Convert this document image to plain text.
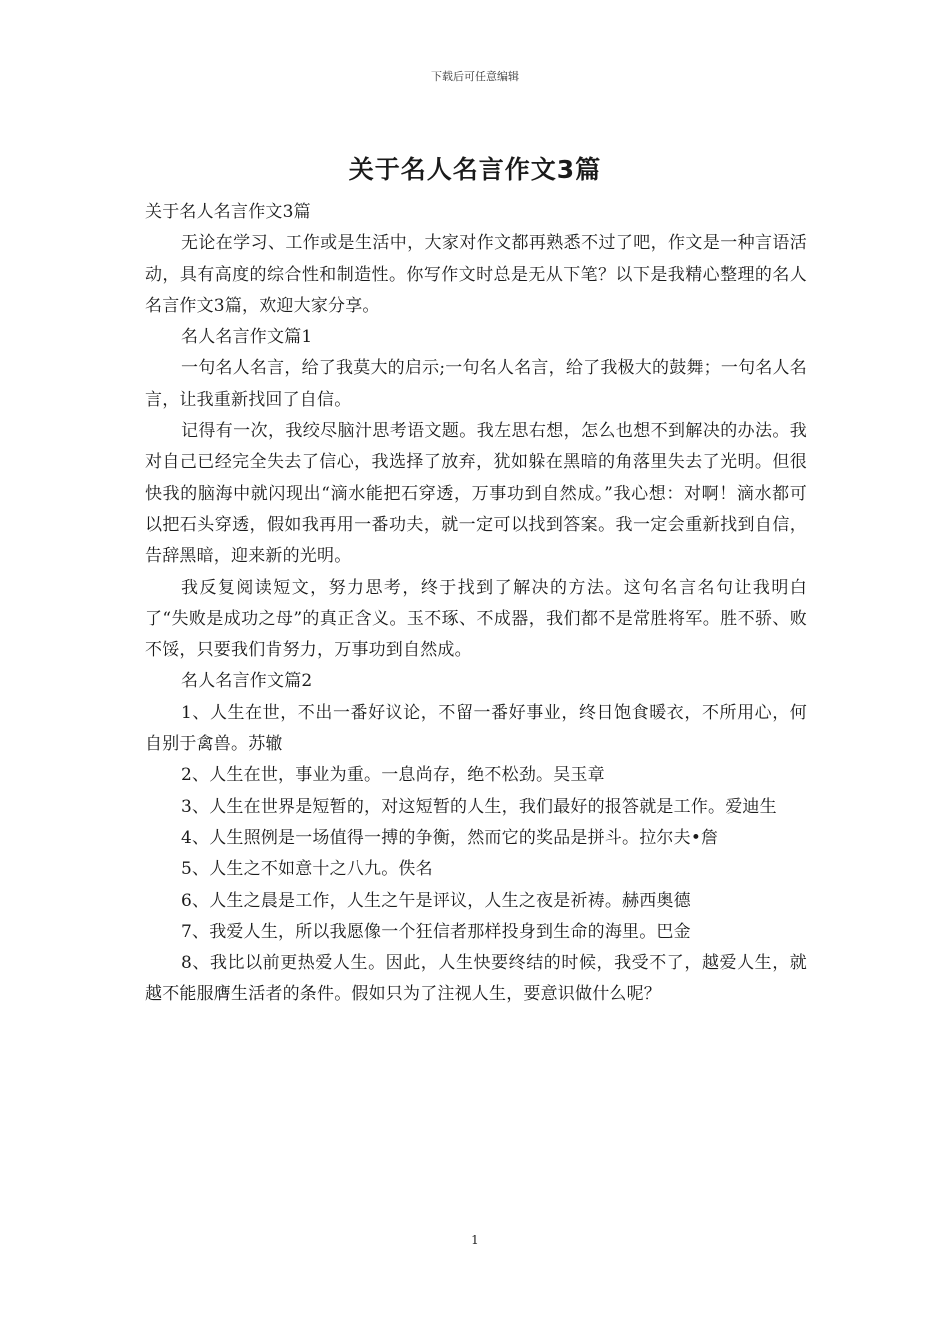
下载后可任意编辑
关于名人名言作文3篇

关于名人名言作文3篇

无论在学习、工作或是生活中，大家对作文都再熟悉不过了吧，作文是一种言语活动，具有高度的综合性和制造性。你写作文时总是无从下笔？以下是我精心整理的名人名言作文3篇，欢迎大家分享。

名人名言作文篇1

一句名人名言，给了我莫大的启示;一句名人名言，给了我极大的鼓舞；一句名人名言，让我重新找回了自信。

记得有一次，我绞尽脑汁思考语文题。我左思右想，怎么也想不到解决的办法。我对自己已经完全失去了信心，我选择了放弃，犹如躲在黑暗的角落里失去了光明。但很快我的脑海中就闪现出“滴水能把石穿透，万事功到自然成。”我心想：对啊！滴水都可以把石头穿透，假如我再用一番功夫，就一定可以找到答案。我一定会重新找到自信，告辞黑暗，迎来新的光明。

我反复阅读短文，努力思考，终于找到了解决的方法。这句名言名句让我明白了“失败是成功之母”的真正含义。玉不琢、不成器，我们都不是常胜将军。胜不骄、败不馁，只要我们肯努力，万事功到自然成。

名人名言作文篇2

1、人生在世，不出一番好议论，不留一番好事业，终日饱食暖衣，不所用心，何自别于禽兽。苏辙

2、人生在世，事业为重。一息尚存，绝不松劲。吴玉章

3、人生在世界是短暂的，对这短暂的人生，我们最好的报答就是工作。爱迪生

4、人生照例是一场值得一搏的争衡，然而它的奖品是拼斗。拉尔夫•詹

5、人生之不如意十之八九。佚名

6、人生之晨是工作，人生之午是评议，人生之夜是祈祷。赫西奥德

7、我爱人生，所以我愿像一个狂信者那样投身到生命的海里。巴金

8、我比以前更热爱人生。因此，人生快要终结的时候，我受不了，越爱人生，就越不能服膺生活者的条件。假如只为了注视人生，要意识做什么呢？

1
